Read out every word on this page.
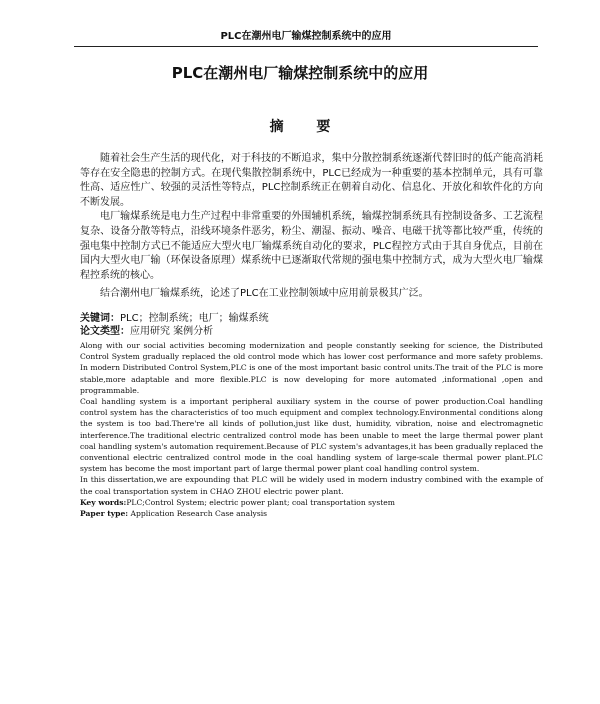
PLC在潮州电厂输煤控制系统中的应用
PLC在潮州电厂输煤控制系统中的应用
摘 要

随着社会生产生活的现代化，对于科技的不断追求，集中分散控制系统逐渐代替旧时的低产能高消耗等存在安全隐患的控制方式。在现代集散控制系统中，PLC已经成为一种重要的基本控制单元，具有可靠性高、适应性广、较强的灵活性等特点，PLC控制系统正在朝着自动化、信息化、开放化和软件化的方向不断发展。

电厂输煤系统是电力生产过程中非常重要的外围辅机系统，输煤控制系统具有控制设备多、工艺流程复杂、设备分散等特点，沿线环境条件恶劣，粉尘、潮湿、振动、噪音、电磁干扰等都比较严重，传统的强电集中控制方式已不能适应大型火电厂输煤系统自动化的要求，PLC程控方式由于其自身优点，目前在国内大型火电厂输（环保设备原理）煤系统中已逐渐取代常规的强电集中控制方式，成为大型火电厂输煤程控系统的核心。

结合潮州电厂输煤系统，论述了PLC在工业控制领域中应用前景极其广泛。

关键词：PLC；控制系统；电厂；输煤系统

论文类型：应用研究 案例分析

Along with our social activities becoming modernization and people constantly seeking for science, the Distributed Control System gradually replaced the old control mode which has lower cost performance and more safety problems. In modern Distributed Control System,PLC is one of the most important basic control units.The trait of the PLC is more stable,more adaptable and more flexible.PLC is now developing for more automated ,informational ,open and programmable.

Coal handling system is a important peripheral auxiliary system in the course of power production.Coal handling control system has the characteristics of too much equipment and complex technology.Environmental conditions along the system is too bad.There're all kinds of pollution,just like dust, humidity, vibration, noise and electromagnetic interference.The traditional electric centralized control mode has been unable to meet the large thermal power plant coal handling system's automation requirement.Because of PLC system's advantages,it has been gradually replaced the conventional electric centralized control mode in the coal handling system of large-scale thermal power plant.PLC system has become the most important part of large thermal power plant coal handling control system.

In this dissertation,we are expounding that PLC will be widely used in modern industry combined with the example of the coal transportation system in CHAO ZHOU electric power plant.

Key words:PLC;Control System; electric power plant; coal transportation system

Paper type: Application Research Case analysis
